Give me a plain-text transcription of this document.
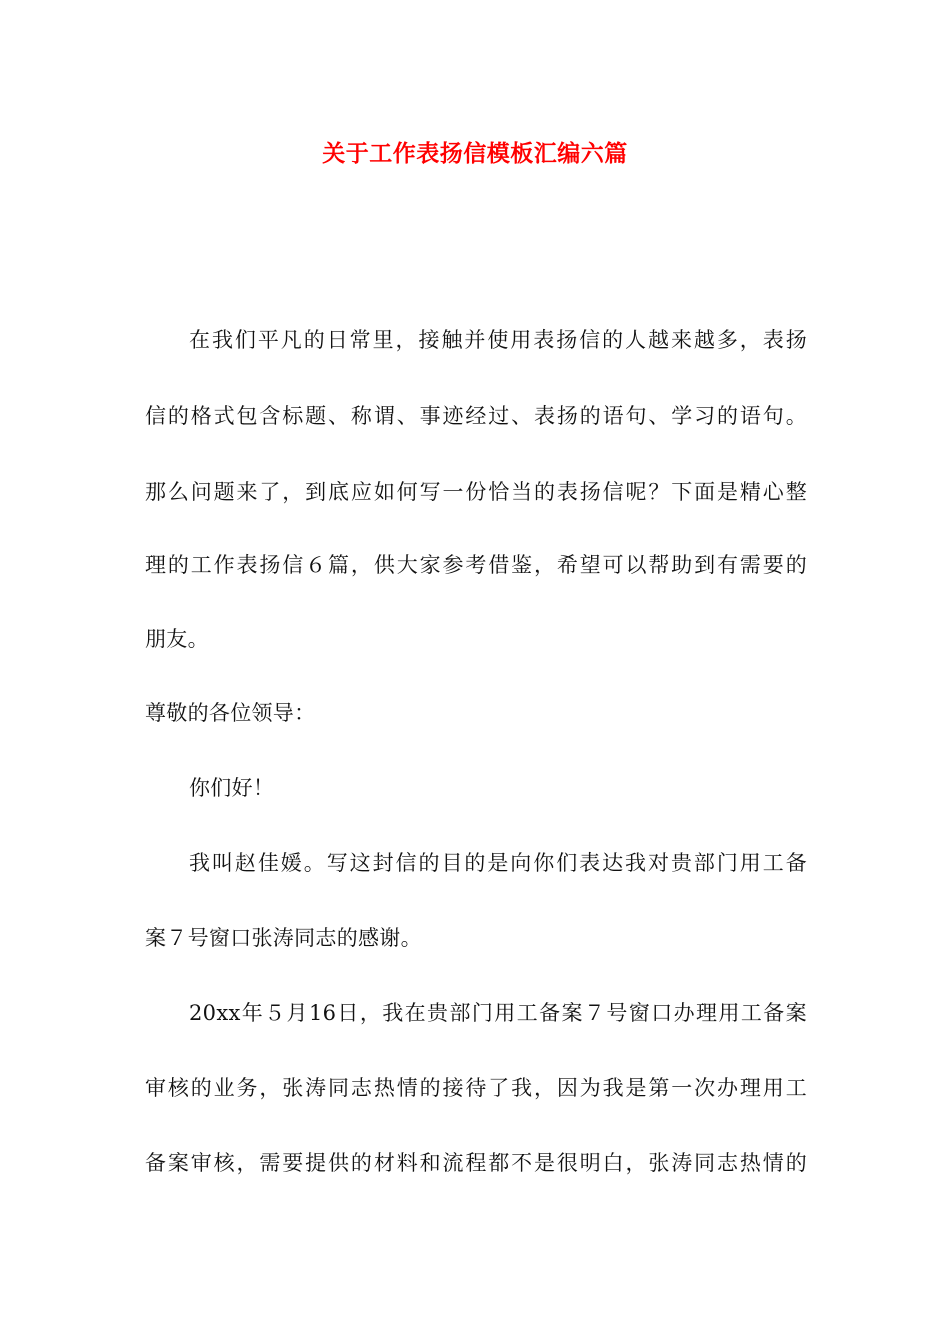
关于工作表扬信模板汇编六篇
在我们平凡的日常里，接触并使用表扬信的人越来越多，表扬
信的格式包含标题、称谓、事迹经过、表扬的语句、学习的语句。
那么问题来了，到底应如何写一份恰当的表扬信呢？下面是精心整
理的工作表扬信６篇，供大家参考借鉴，希望可以帮助到有需要的
朋友。
尊敬的各位领导：
你们好！
我叫赵佳媛。写这封信的目的是向你们表达我对贵部门用工备
案７号窗口张涛同志的感谢。
20xx年５月16日，我在贵部门用工备案７号窗口办理用工备案
审核的业务，张涛同志热情的接待了我，因为我是第一次办理用工
备案审核，需要提供的材料和流程都不是很明白，张涛同志热情的
